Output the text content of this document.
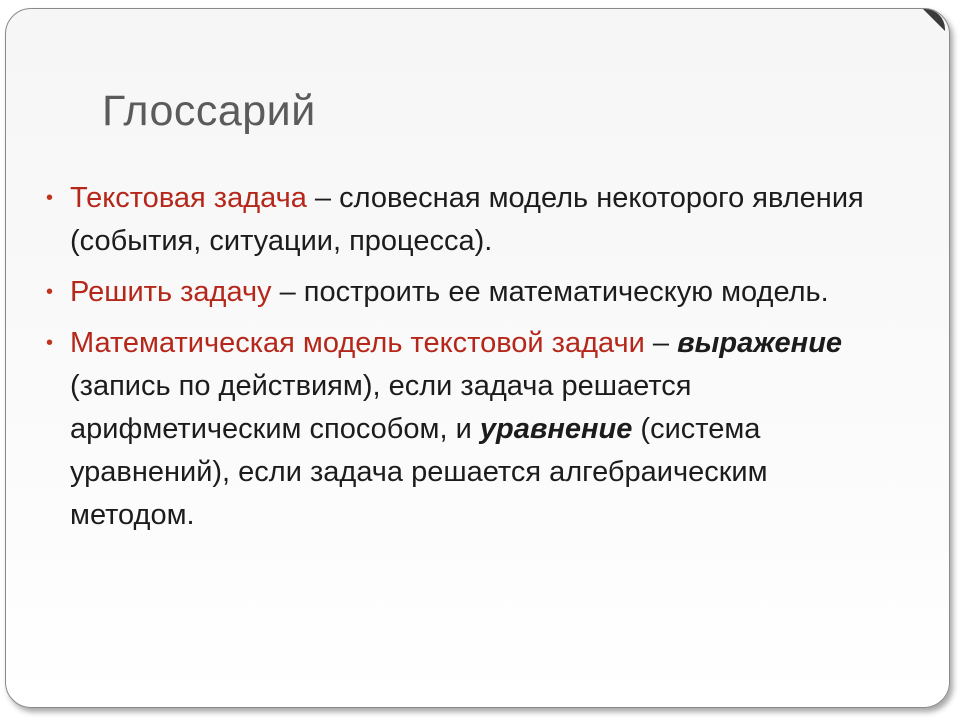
Глоссарий
• Текстовая задача – словесная модель некоторого явления (события, ситуации, процесса).
• Решить задачу – построить ее математическую модель.
• Математическая модель текстовой задачи – выражение (запись по действиям), если задача решается арифметическим способом, и уравнение (система уравнений), если задача решается алгебраическим методом.
